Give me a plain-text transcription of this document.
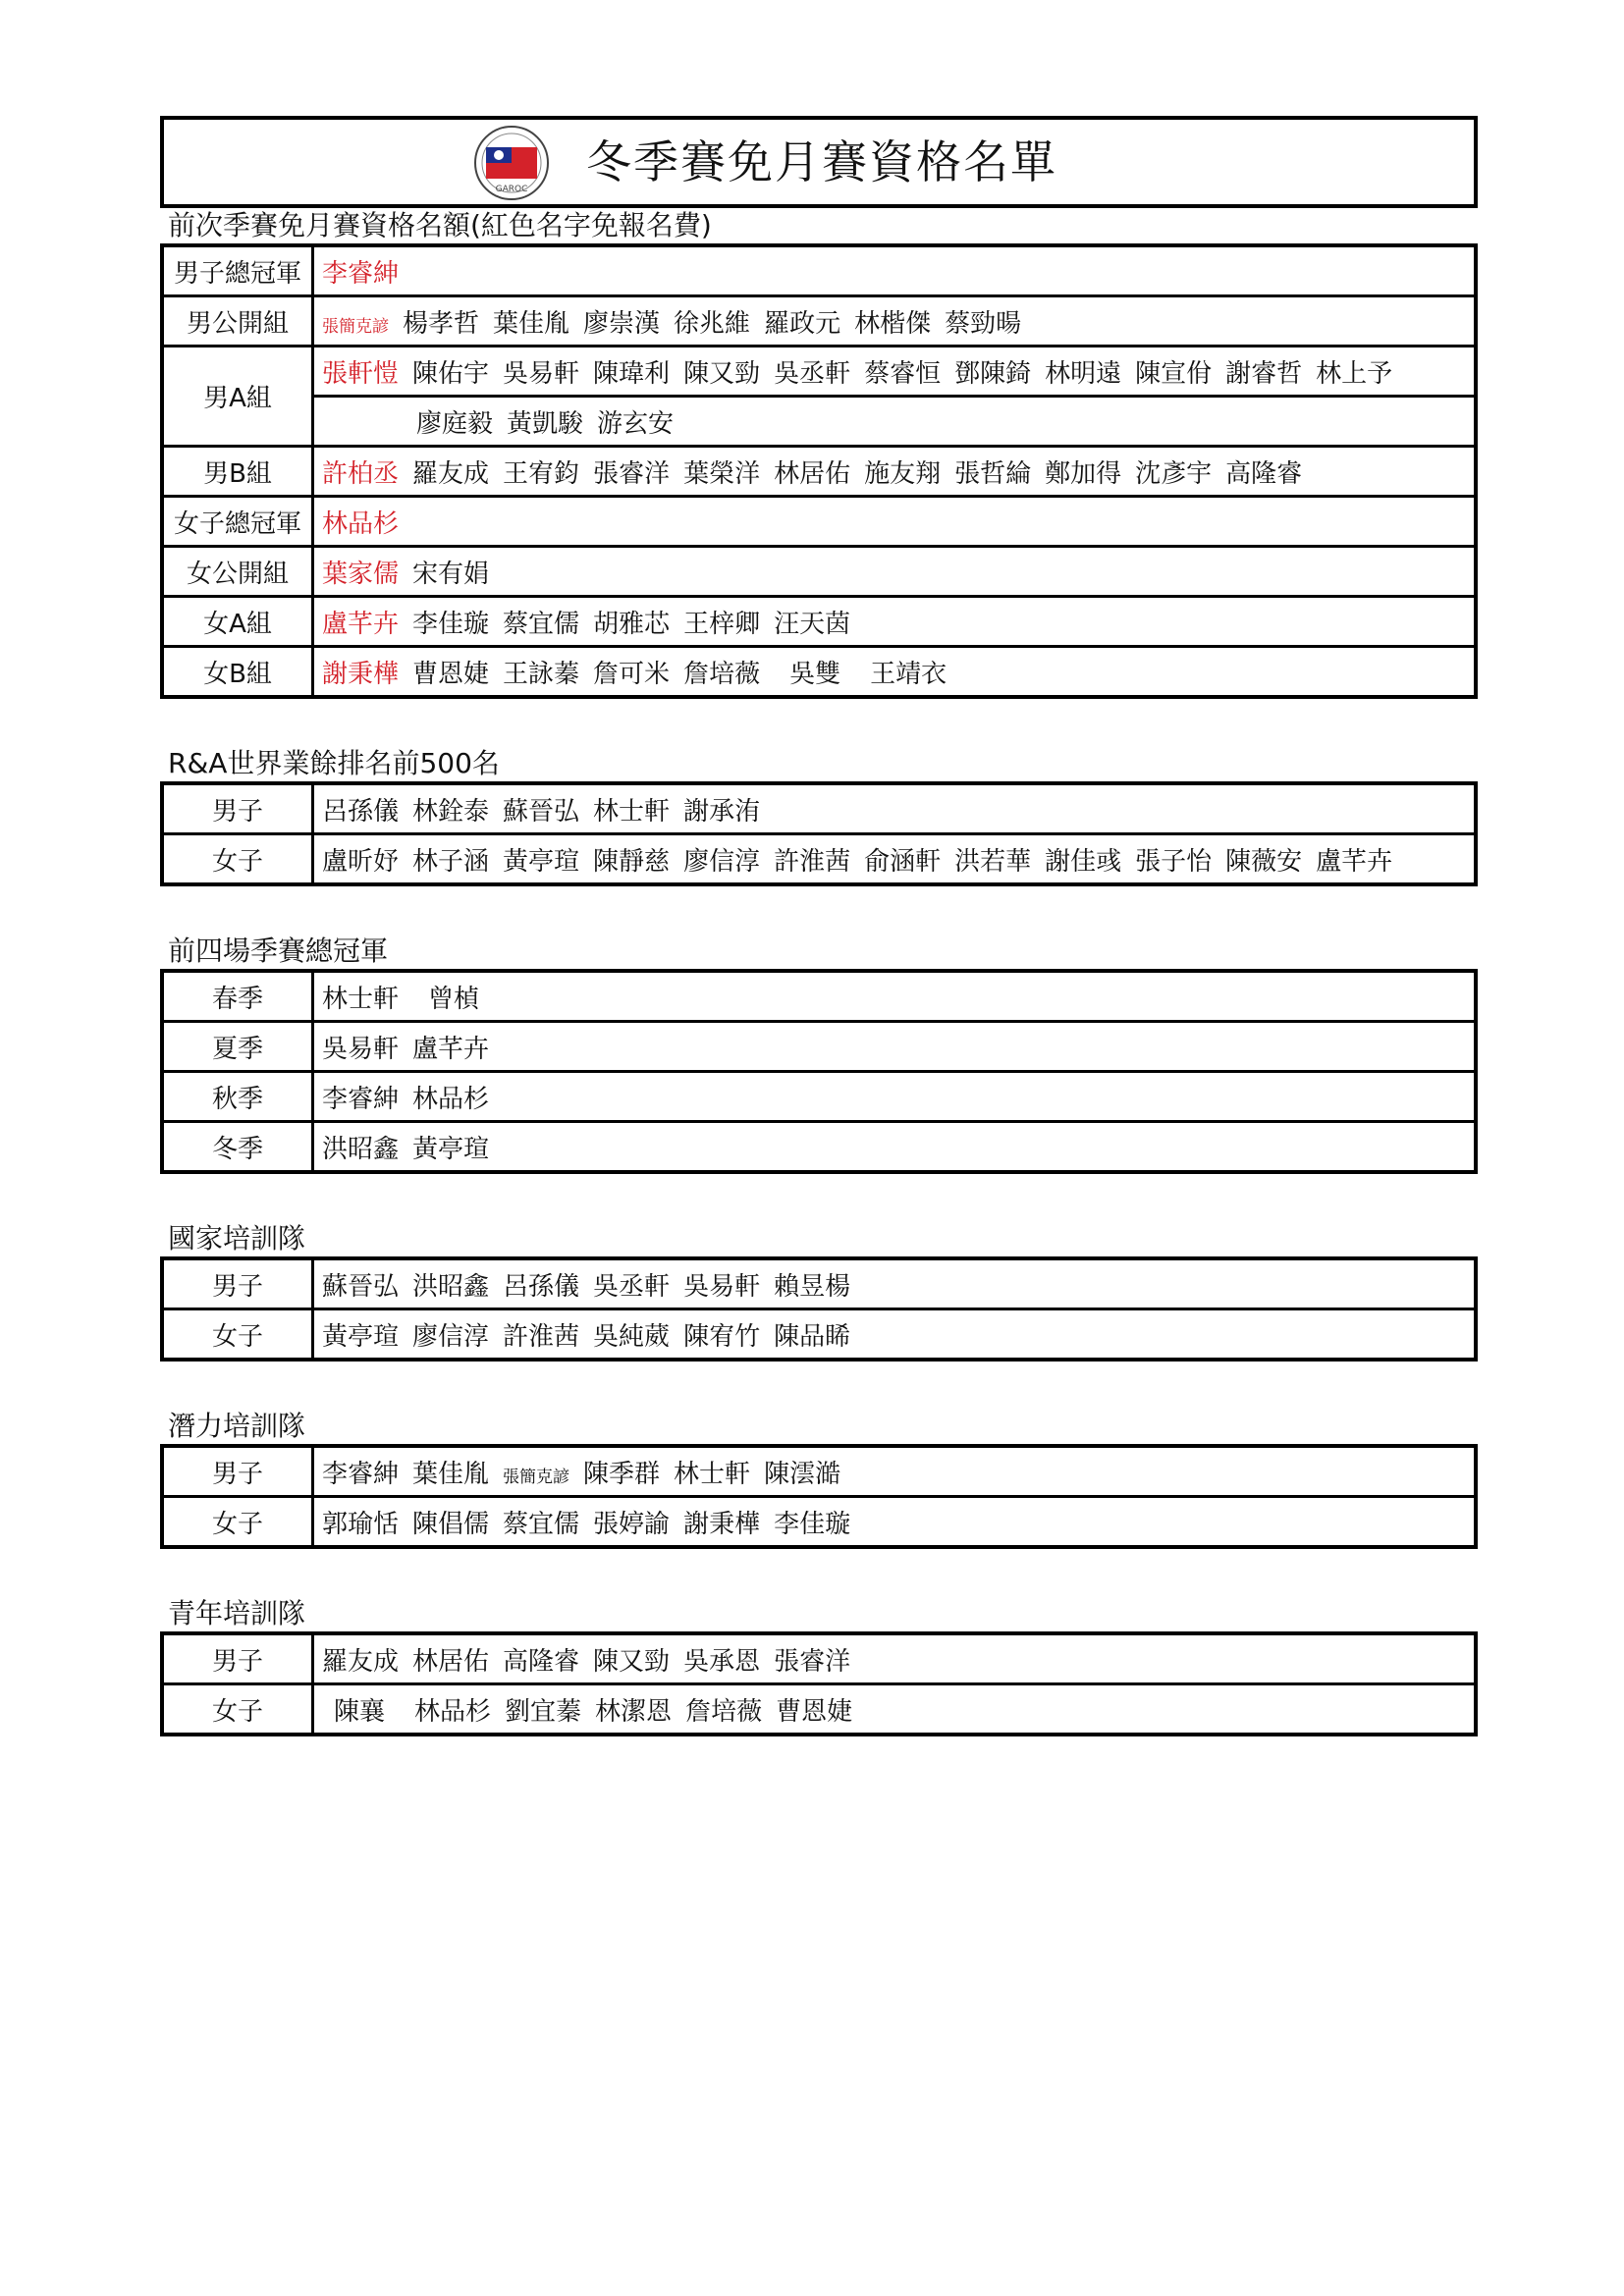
GAROC
冬季賽免月賽資格名單
前次季賽免月賽資格名額(紅色名字免報名費)
男子總冠軍	李睿紳
男公開組	張簡克諺 楊孝哲 葉佳胤 廖崇漢 徐兆維 羅政元 林楷傑 蔡勁暘
男A組	張軒愷 陳佑宇 吳易軒 陳瑋利 陳又勁 吳丞軒 蔡睿恒 鄧陳錡 林明遠 陳宣佾 謝睿哲 林上予
	廖庭毅 黃凱駿 游玄安
男B組	許柏丞 羅友成 王宥鈞 張睿洋 葉榮洋 林居佑 施友翔 張哲綸 鄭加得 沈彥宇 高隆睿
女子總冠軍	林品杉
女公開組	葉家儒 宋有娟
女A組	盧芊卉 李佳璇 蔡宜儒 胡雅芯 王梓卿 汪天茵
女B組	謝秉樺 曹恩婕 王詠蓁 詹可米 詹培薇 吳雙 王靖衣
R&A世界業餘排名前500名
男子	呂孫儀 林銓泰 蘇晉弘 林士軒 謝承洧
女子	盧昕妤 林子涵 黃亭瑄 陳靜慈 廖信淳 許淮茜 俞涵軒 洪若華 謝佳彧 張子怡 陳薇安 盧芊卉
前四場季賽總冠軍
春季	林士軒 曾楨
夏季	吳易軒 盧芊卉
秋季	李睿紳 林品杉
冬季	洪昭鑫 黃亭瑄
國家培訓隊
男子	蘇晉弘 洪昭鑫 呂孫儀 吳丞軒 吳易軒 賴昱楊
女子	黃亭瑄 廖信淳 許淮茜 吳純葳 陳宥竹 陳品睎
潛力培訓隊
男子	李睿紳 葉佳胤 張簡克諺 陳季群 林士軒 陳澐澔
女子	郭瑜恬 陳倡儒 蔡宜儒 張婷諭 謝秉樺 李佳璇
青年培訓隊
男子	羅友成 林居佑 高隆睿 陳又勁 吳承恩 張睿洋
女子	陳襄 林品杉 劉宜蓁 林潔恩 詹培薇 曹恩婕
